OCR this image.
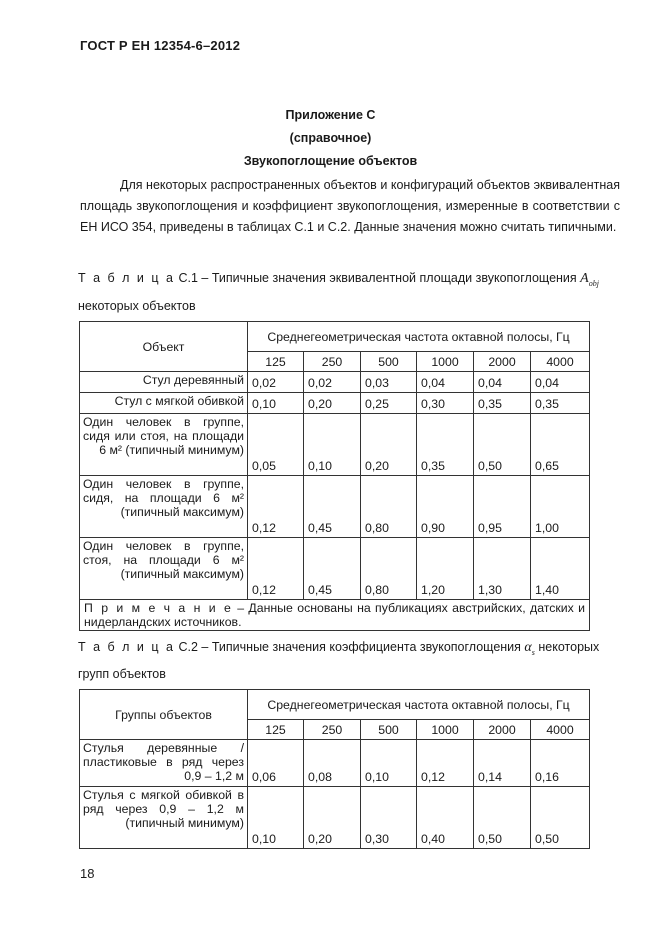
ГОСТ Р ЕН 12354-6–2012
Приложение С
(справочное)
Звукопоглощение объектов
Для некоторых распространенных объектов и конфигураций объектов эквивалентная площадь звукопоглощения и коэффициент звукопоглощения, измеренные в соответствии с ЕН ИСО 354, приведены в таблицах С.1 и С.2. Данные значения можно считать типичными.
Т а б л и ц а С.1 – Типичные значения эквивалентной площади звукопоглощения $A_{obj}$
некоторых объектов
Объект	Среднегеометрическая частота октавной полосы, Гц					
	125	250	500	1000	2000	4000
Стул деревянный	0,02	0,02	0,03	0,04	0,04	0,04
Стул с мягкой обивкой	0,10	0,20	0,25	0,30	0,35	0,35
Один человек в группе, сидя или стоя, на площади 6 м² (типичный минимум)	0,05	0,10	0,20	0,35	0,50	0,65
Один человек в группе, сидя, на площади 6 м² (типичный максимум)	0,12	0,45	0,80	0,90	0,95	1,00
Один человек в группе, стоя, на площади 6 м² (типичный максимум)	0,12	0,45	0,80	1,20	1,30	1,40
П р и м е ч а н и е – Данные основаны на публикациях австрийских, датских и нидерландских источников.						
Т а б л и ц а С.2 – Типичные значения коэффициента звукопоглощения $\alpha_s$ некоторых
групп объектов
Группы объектов	Среднегеометрическая частота октавной полосы, Гц					
	125	250	500	1000	2000	4000
Стулья деревянные /пластиковые в ряд через 0,9 – 1,2 м	0,06	0,08	0,10	0,12	0,14	0,16
Стулья с мягкой обивкой в ряд через 0,9 – 1,2 м (типичный минимум)	0,10	0,20	0,30	0,40	0,50	0,50
18
